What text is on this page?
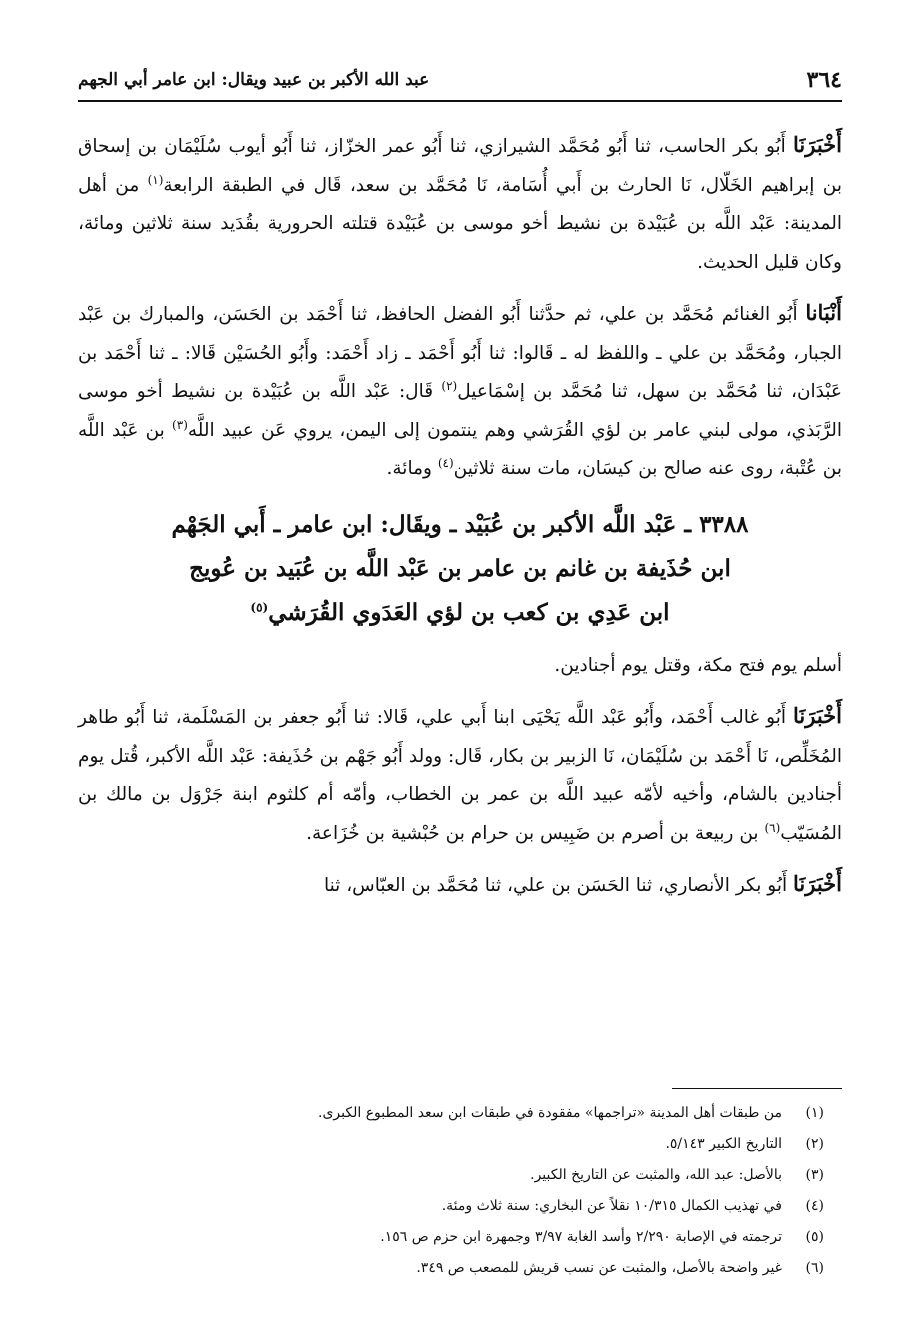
٣٦٤
عبد الله الأكبر بن عبيد ويقال: ابن عامر أبي الجهم

أَخْبَرَنَا أَبُو بكر الحاسب، ثنا أَبُو مُحَمَّد الشيرازي، ثنا أَبُو عمر الخزّاز، ثنا أَبُو أيوب سُلَيْمَان بن إسحاق بن إبراهيم الخَلّال، نَا الحارث بن أَبي أُسَامة، نَا مُحَمَّد بن سعد، قَال في الطبقة الرابعة$^{(١)}$ من أهل المدينة: عَبْد اللَّه بن عُبَيْدة بن نشيط أخو موسى بن عُبَيْدة قتلته الحرورية بقُدَيد سنة ثلاثين ومائة، وكان قليل الحديث.

أَنْبَانا أَبُو الغنائم مُحَمَّد بن علي، ثم حدَّثنا أَبُو الفضل الحافظ، ثنا أَحْمَد بن الحَسَن، والمبارك بن عَبْد الجبار، ومُحَمَّد بن علي ـ واللفظ له ـ قَالوا: ثنا أَبُو أَحْمَد ـ زاد أَحْمَد: وأَبُو الحُسَيْن قَالا: ـ ثنا أَحْمَد بن عَبْدَان، ثنا مُحَمَّد بن سهل، ثنا مُحَمَّد بن إسْمَاعيل$^{(٢)}$ قَال: عَبْد اللَّه بن عُبَيْدة بن نشيط أخو موسى الرَّبَذي، مولى لبني عامر بن لؤي القُرَشي وهم ينتمون إلى اليمن، يروي عَن عبيد اللَّه$^{(٣)}$ بن عَبْد اللَّه بن عُتْبة، روى عنه صالح بن كيسَان، مات سنة ثلاثين$^{(٤)}$ ومائة.

٣٣٨٨ ـ عَبْد اللَّه الأكبر بن عُبَيْد ـ ويقَال: ابن عامر ـ أَبي الجَهْم
ابن حُذَيفة بن غانم بن عامر بن عَبْد اللَّه بن عُبَيد بن عُويج
ابن عَدِي بن كعب بن لؤي العَدَوي القُرَشي$^{(٥)}$

أسلم يوم فتح مكة، وقتل يوم أجنادين.

أَخْبَرَنَا أَبُو غالب أَحْمَد، وأَبُو عَبْد اللَّه يَحْيَى ابنا أَبي علي، قَالا: ثنا أَبُو جعفر بن المَسْلَمة، ثنا أَبُو طاهر المُخَلِّص، نَا أَحْمَد بن سُلَيْمَان، نَا الزبير بن بكار، قَال: وولد أَبُو جَهْم بن حُذَيفة: عَبْد اللَّه الأكبر، قُتل يوم أجنادين بالشام، وأخيه لأمّه عبيد اللَّه بن عمر بن الخطاب، وأمّه أم كلثوم ابنة جَرْوَل بن مالك بن المُسَيّب$^{(٦)}$ بن ربيعة بن أصرم بن ضَبِيس بن حرام بن حُبْشية بن خُزَاعة.

أَخْبَرَنَا أَبُو بكر الأنصاري، ثنا الحَسَن بن علي، ثنا مُحَمَّد بن العبّاس، ثنا

(١)
من طبقات أهل المدينة «تراجمها» مفقودة في طبقات ابن سعد المطبوع الكبرى.
(٢)
التاريخ الكبير ٥/١٤٣.
(٣)
بالأصل: عبد الله، والمثبت عن التاريخ الكبير.
(٤)
في تهذيب الكمال ١٠/٣١٥ نقلاً عن البخاري: سنة ثلاث ومئة.
(٥)
ترجمته في الإصابة ٢/٢٩٠ وأسد الغابة ٣/٩٧ وجمهرة ابن حزم ص ١٥٦.
(٦)
غير واضحة بالأصل، والمثبت عن نسب قريش للمصعب ص ٣٤٩.
